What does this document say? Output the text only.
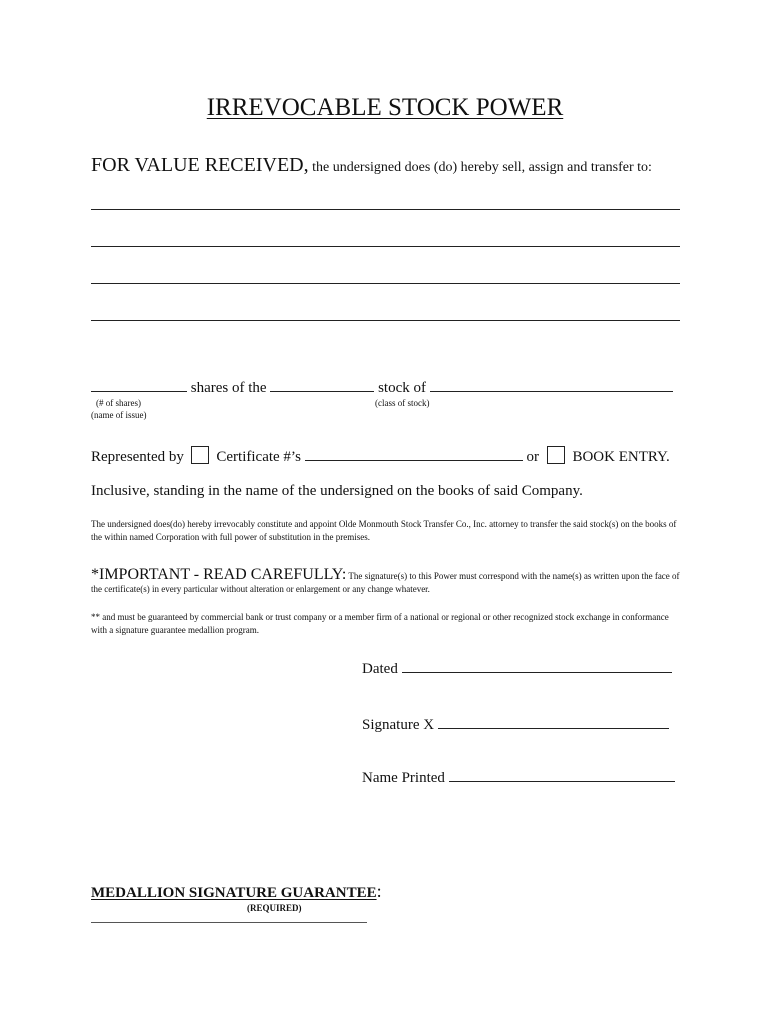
IRREVOCABLE STOCK POWER
FOR VALUE RECEIVED, the undersigned does (do) hereby sell, assign and transfer to:
shares of the	stock of
(# of shares)	(class of stock)
(name of issue)
Represented by Certificate #’s	or BOOK ENTRY.
Inclusive, standing in the name of the undersigned on the books of said Company.
The undersigned does(do) hereby irrevocably constitute and appoint Olde Monmouth Stock Transfer Co., Inc. attorney to transfer the said stock(s) on the books of the within named Corporation with full power of substitution in the premises.
*IMPORTANT - READ CAREFULLY: The signature(s) to this Power must correspond with the name(s) as written upon the face of the certificate(s) in every particular without alteration or enlargement or any change whatever.
** and must be guaranteed by commercial bank or trust company or a member firm of a national or regional or other recognized stock exchange in conformance with a signature guarantee medallion program.
Dated
Signature X
Name Printed
MEDALLION SIGNATURE GUARANTEE:
(REQUIRED)
